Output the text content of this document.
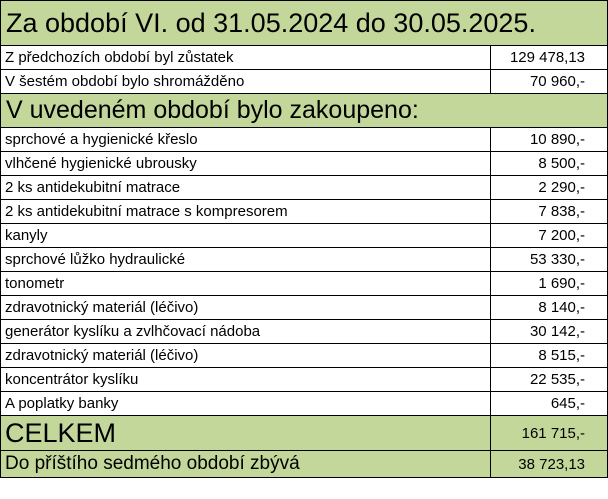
Za období VI. od 31.05.2024 do 30.05.2025.	
Z předchozích období byl zůstatek	129 478,13
V šestém období bylo shromážděno	70 960,-
V uvedeném období bylo zakoupeno:	
sprchové a hygienické křeslo	10 890,-
vlhčené hygienické ubrousky	8 500,-
2 ks antidekubitní matrace	2 290,-
2 ks antidekubitní matrace s kompresorem	7 838,-
kanyly	7 200,-
sprchové lůžko hydraulické	53 330,-
tonometr	1 690,-
zdravotnický materiál (léčivo)	8 140,-
generátor kyslíku a zvlhčovací nádoba	30 142,-
zdravotnický materiál (léčivo)	8 515,-
koncentrátor kyslíku	22 535,-
A poplatky banky	645,-
CELKEM	161 715,-
Do příštího sedmého období zbývá	38 723,13
